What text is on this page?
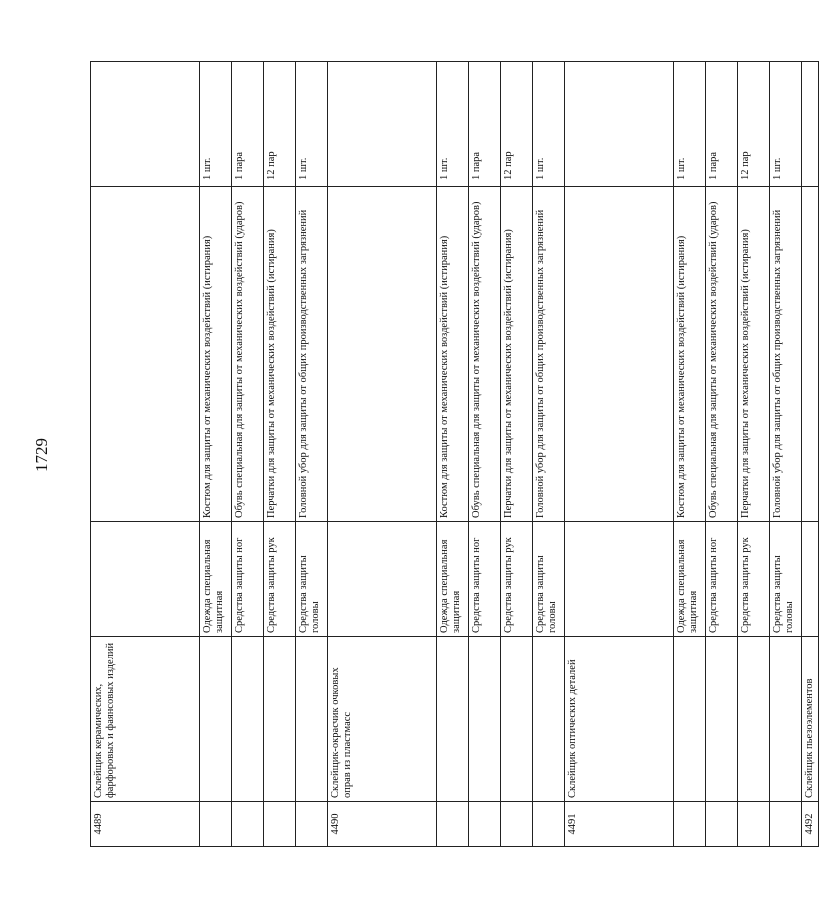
1729
4489	Склейщик керамических, фарфоровых и фаянсовых изделий			
		Одежда специальная защитная	Костюм для защиты от механических воздействий (истирания)	1 шт.
		Средства защиты ног	Обувь специальная для защиты от механических воздействий (ударов)	1 пара
		Средства защиты рук	Перчатки для защиты от механических воздействий (истирания)	12 пар
		Средства защиты головы	Головной убор для защиты от общих производственных загрязнений	1 шт.
4490	Склейщик-окрасчик очковых оправ из пластмасс			
		Одежда специальная защитная	Костюм для защиты от механических воздействий (истирания)	1 шт.
		Средства защиты ног	Обувь специальная для защиты от механических воздействий (ударов)	1 пара
		Средства защиты рук	Перчатки для защиты от механических воздействий (истирания)	12 пар
		Средства защиты головы	Головной убор для защиты от общих производственных загрязнений	1 шт.
4491	Склейщик оптических деталей			
		Одежда специальная защитная	Костюм для защиты от механических воздействий (истирания)	1 шт.
		Средства защиты ног	Обувь специальная для защиты от механических воздействий (ударов)	1 пара
		Средства защиты рук	Перчатки для защиты от механических воздействий (истирания)	12 пар
		Средства защиты головы	Головной убор для защиты от общих производственных загрязнений	1 шт.
4492	Склейщик пьезоэлементов			
